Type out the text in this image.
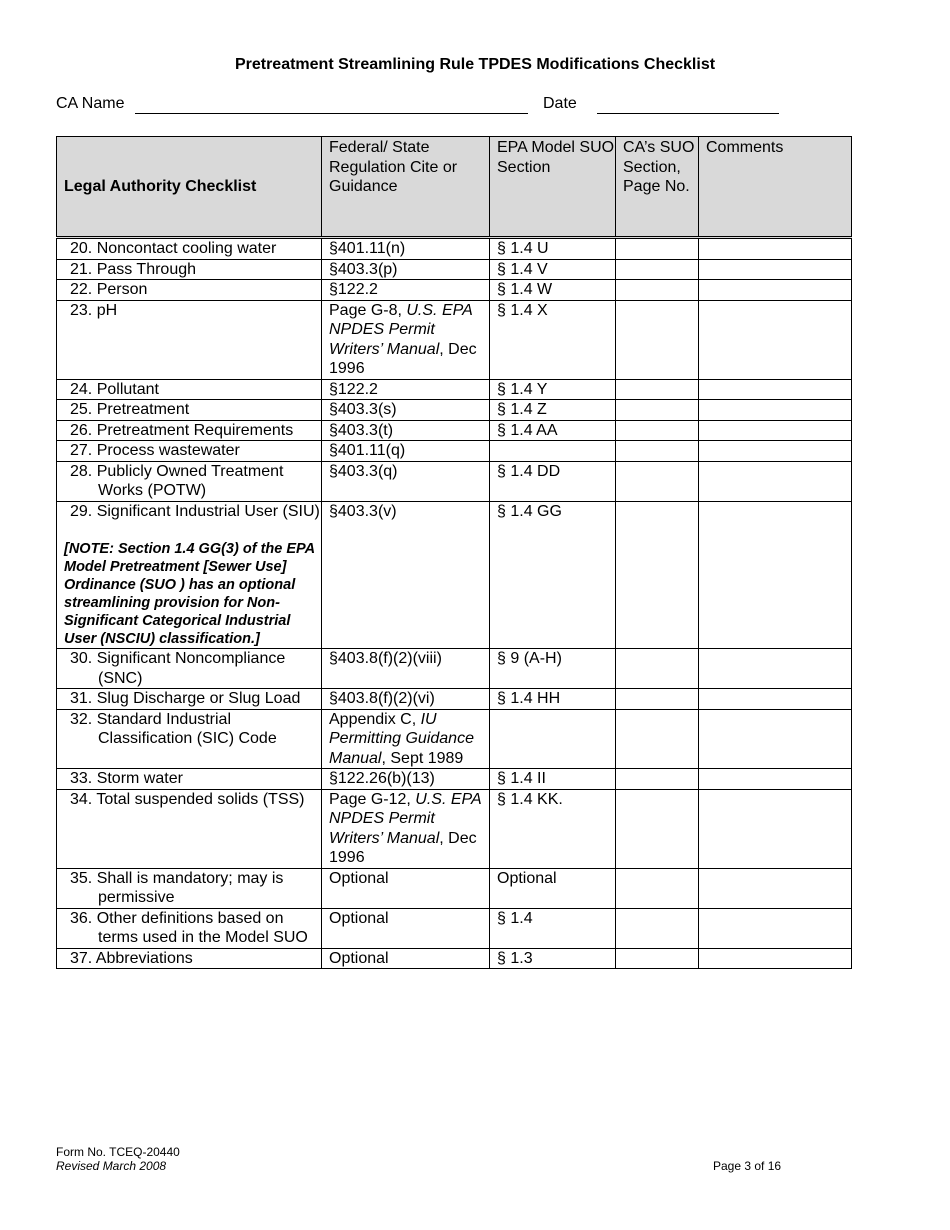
Pretreatment Streamlining Rule TPDES Modifications Checklist
CA Name	Date
Legal Authority Checklist	Federal/ State Regulation Cite or Guidance	EPA Model SUO Section	CA’s SUO Section, Page No.	Comments

20. Noncontact cooling water	§401.11(n)	§ 1.4 U		

21. Pass Through	§403.3(p)	§ 1.4 V		

22. Person	§122.2	§ 1.4 W		

23. pH	Page G-8, U.S. EPA NPDES Permit Writers’ Manual, Dec 1996	§ 1.4 X		

24. Pollutant	§122.2	§ 1.4 Y		

25. Pretreatment	§403.3(s)	§ 1.4 Z		

26. Pretreatment Requirements	§403.3(t)	§ 1.4 AA		

27. Process wastewater	§401.11(q)			

28. Publicly Owned Treatment Works (POTW)	§403.3(q)	§ 1.4 DD		

29. Significant Industrial User (SIU)
[NOTE: Section 1.4 GG(3) of the EPA Model Pretreatment [Sewer Use] Ordinance (SUO ) has an optional streamlining provision for Non-Significant Categorical Industrial User (NSCIU) classification.]	§403.3(v)	§ 1.4 GG		

30. Significant Noncompliance (SNC)	§403.8(f)(2)(viii)	§ 9 (A-H)		

31. Slug Discharge or Slug Load	§403.8(f)(2)(vi)	§ 1.4 HH		

32. Standard Industrial Classification (SIC) Code	Appendix C, IU Permitting Guidance Manual, Sept 1989			

33. Storm water	§122.26(b)(13)	§ 1.4 II		

34. Total suspended solids (TSS)	Page G-12, U.S. EPA NPDES Permit Writers’ Manual, Dec 1996	§ 1.4 KK.		

35. Shall is mandatory; may is permissive	Optional	Optional		

36. Other definitions based on terms used in the Model SUO	Optional	§ 1.4		

37. Abbreviations	Optional	§ 1.3		
Form No. TCEQ-20440
Revised March 2008	Page 3 of 16
